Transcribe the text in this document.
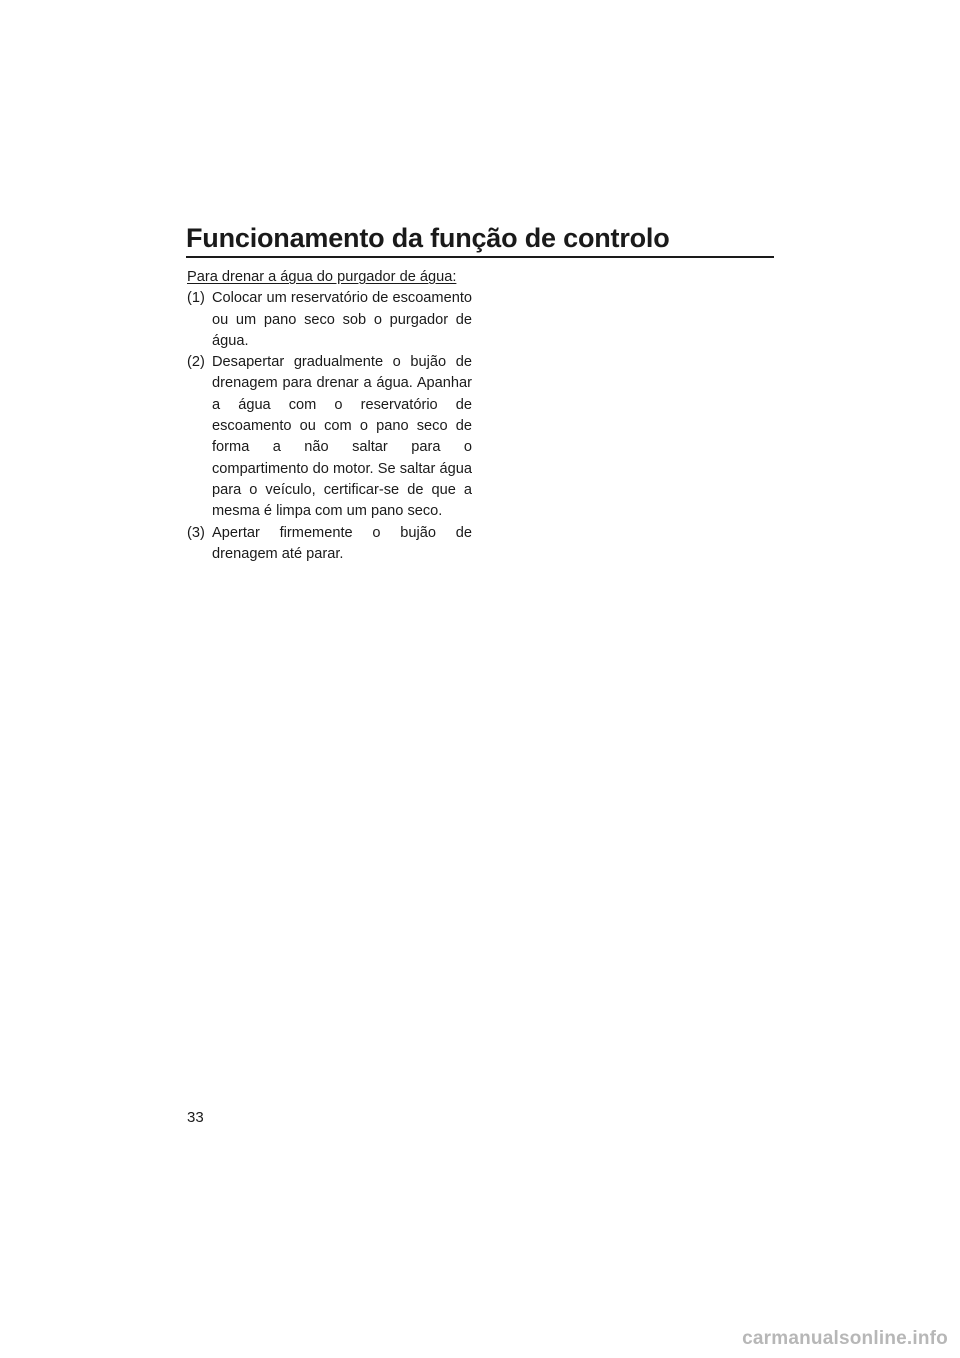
Funcionamento da função de controlo

Para drenar a água do purgador de água:

(1) Colocar um reservatório de escoamento ou um pano seco sob o purgador de água.
(2) Desapertar gradualmente o bujão de drenagem para drenar a água. Apanhar a água com o reservatório de escoamento ou com o pano seco de forma a não saltar para o compartimento do motor. Se saltar água para o veículo, certificar-se de que a mesma é limpa com um pano seco.
(3) Apertar firmemente o bujão de drenagem até parar.
33
carmanualsonline.info
